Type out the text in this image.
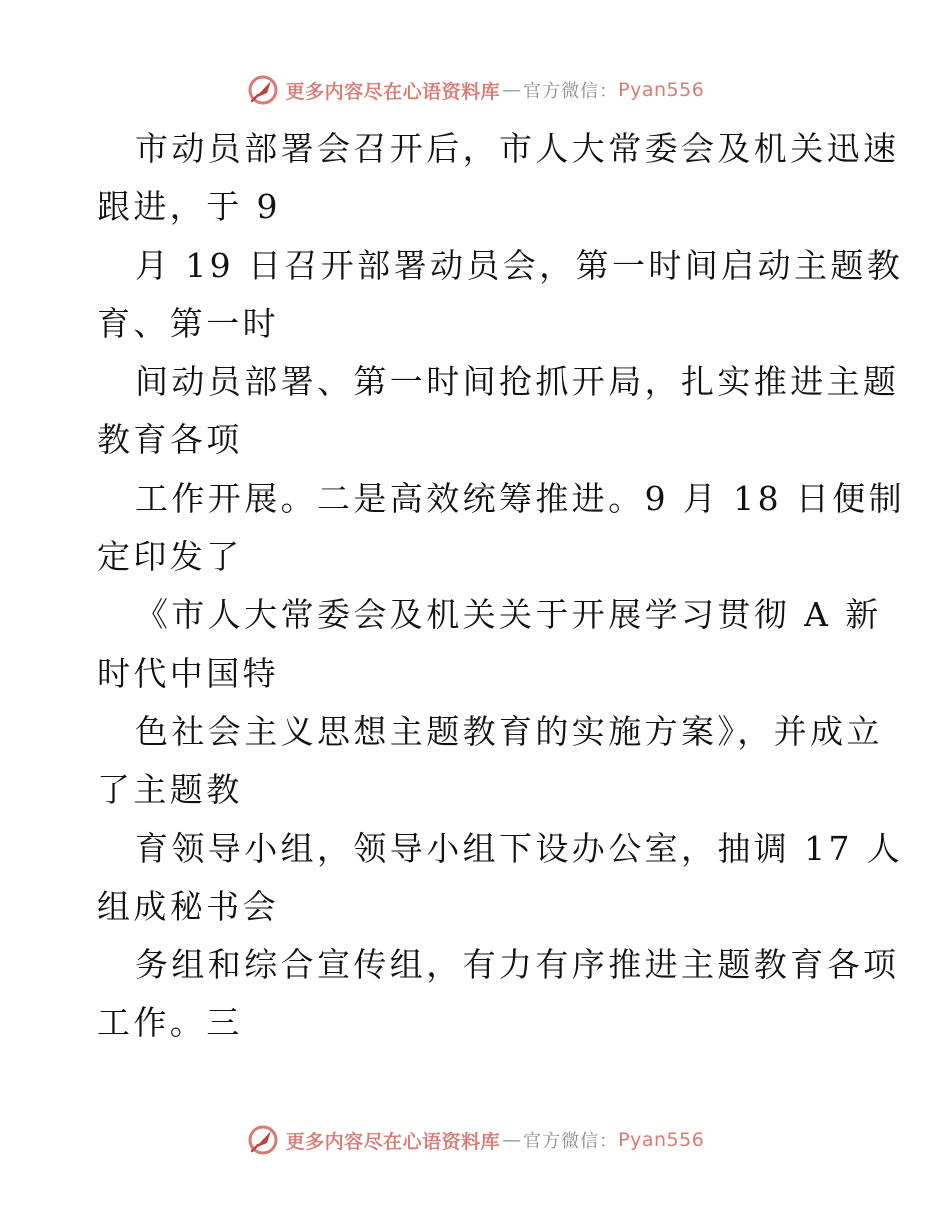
更多内容尽在心语资料库 — 官方微信： Pyan556
市动员部署会召开后，市人大常委会及机关迅速
跟进，于 9
月 19 日召开部署动员会，第一时间启动主题教
育、第一时
间动员部署、第一时间抢抓开局，扎实推进主题
教育各项
工作开展。二是高效统筹推进。9 月 18 日便制
定印发了
《市人大常委会及机关关于开展学习贯彻 A 新
时代中国特
色社会主义思想主题教育的实施方案》，并成立
了主题教
育领导小组，领导小组下设办公室，抽调 17 人
组成秘书会
务组和综合宣传组，有力有序推进主题教育各项
工作。三
更多内容尽在心语资料库 — 官方微信： Pyan556
